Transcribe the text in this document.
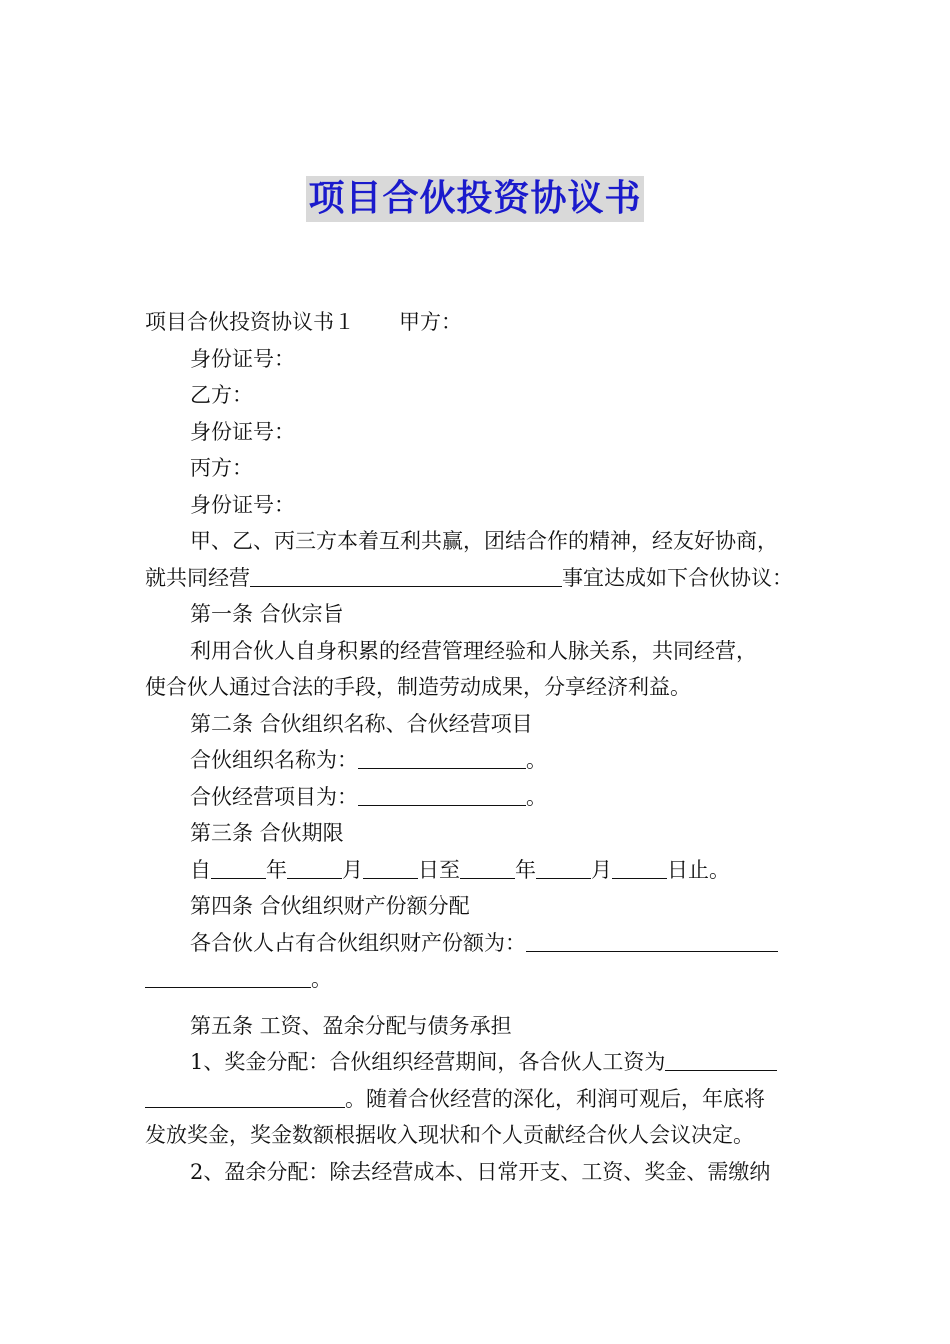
项目合伙投资协议书

项目合伙投资协议书１ 甲方：

身份证号：

乙方：

身份证号：

丙方：

身份证号：

甲、乙、丙三方本着互利共赢，团结合作的精神，经友好协商，

就共同经营	事宜达成如下合伙协议：

第一条 合伙宗旨

利用合伙人自身积累的经营管理经验和人脉关系，共同经营，

使合伙人通过合法的手段，制造劳动成果，分享经济利益。

第二条 合伙组织名称、合伙经营项目

合伙组织名称为：	。

合伙经营项目为：	。

第三条 合伙期限

自	年	月	日至	年	月	日止。

第四条 合伙组织财产份额分配

各合伙人占有合伙组织财产份额为：

。

第五条 工资、盈余分配与债务承担

1、奖金分配：合伙组织经营期间，各合伙人工资为

。随着合伙经营的深化，利润可观后，年底将

发放奖金，奖金数额根据收入现状和个人贡献经合伙人会议决定。

2、盈余分配：除去经营成本、日常开支、工资、奖金、需缴纳
